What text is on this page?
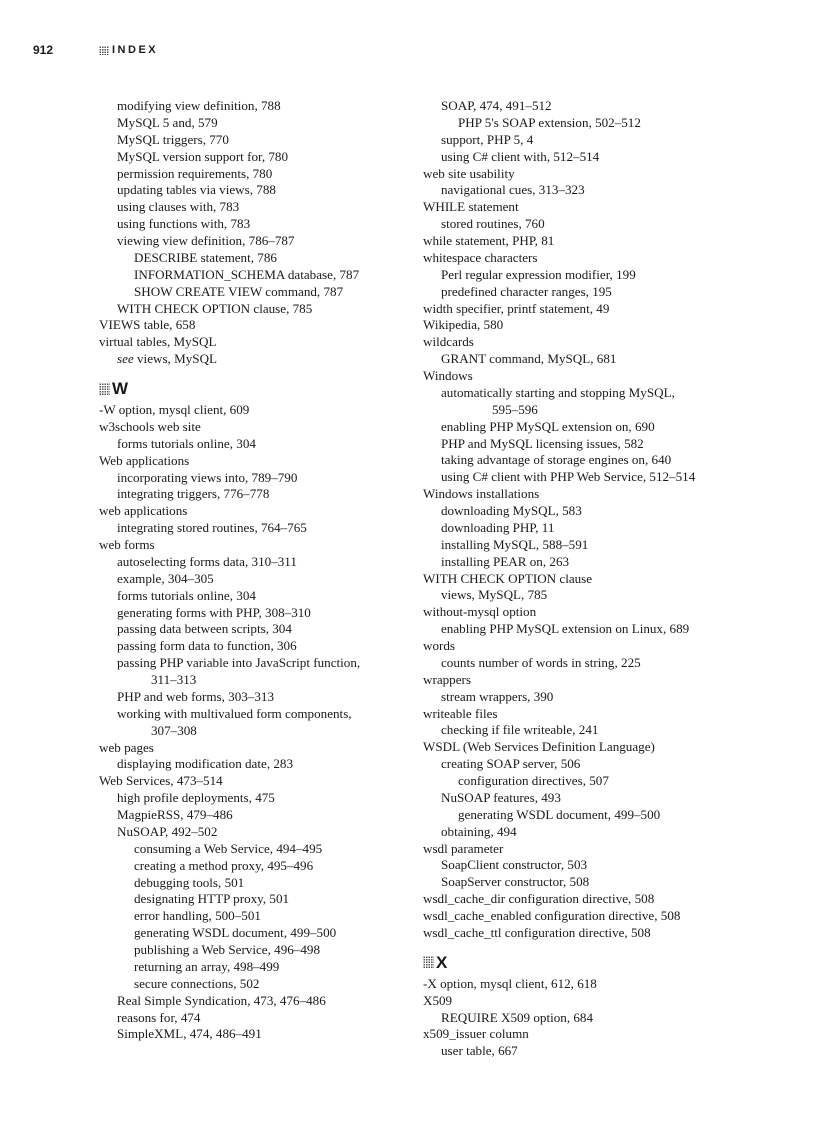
912	INDEX
modifying view definition, 788
MySQL 5 and, 579
MySQL triggers, 770
MySQL version support for, 780
permission requirements, 780
updating tables via views, 788
using clauses with, 783
using functions with, 783
viewing view definition, 786–787
DESCRIBE statement, 786
INFORMATION_SCHEMA database, 787
SHOW CREATE VIEW command, 787
WITH CHECK OPTION clause, 785
VIEWS table, 658
virtual tables, MySQL
see views, MySQL
W
-W option, mysql client, 609
w3schools web site
forms tutorials online, 304
Web applications
incorporating views into, 789–790
integrating triggers, 776–778
web applications
integrating stored routines, 764–765
web forms
autoselecting forms data, 310–311
example, 304–305
forms tutorials online, 304
generating forms with PHP, 308–310
passing data between scripts, 304
passing form data to function, 306
passing PHP variable into JavaScript function,
311–313
PHP and web forms, 303–313
working with multivalued form components,
307–308
web pages
displaying modification date, 283
Web Services, 473–514
high profile deployments, 475
MagpieRSS, 479–486
NuSOAP, 492–502
consuming a Web Service, 494–495
creating a method proxy, 495–496
debugging tools, 501
designating HTTP proxy, 501
error handling, 500–501
generating WSDL document, 499–500
publishing a Web Service, 496–498
returning an array, 498–499
secure connections, 502
Real Simple Syndication, 473, 476–486
reasons for, 474
SimpleXML, 474, 486–491
SOAP, 474, 491–512
PHP 5's SOAP extension, 502–512
support, PHP 5, 4
using C# client with, 512–514
web site usability
navigational cues, 313–323
WHILE statement
stored routines, 760
while statement, PHP, 81
whitespace characters
Perl regular expression modifier, 199
predefined character ranges, 195
width specifier, printf statement, 49
Wikipedia, 580
wildcards
GRANT command, MySQL, 681
Windows
automatically starting and stopping MySQL,
595–596
enabling PHP MySQL extension on, 690
PHP and MySQL licensing issues, 582
taking advantage of storage engines on, 640
using C# client with PHP Web Service, 512–514
Windows installations
downloading MySQL, 583
downloading PHP, 11
installing MySQL, 588–591
installing PEAR on, 263
WITH CHECK OPTION clause
views, MySQL, 785
without-mysql option
enabling PHP MySQL extension on Linux, 689
words
counts number of words in string, 225
wrappers
stream wrappers, 390
writeable files
checking if file writeable, 241
WSDL (Web Services Definition Language)
creating SOAP server, 506
configuration directives, 507
NuSOAP features, 493
generating WSDL document, 499–500
obtaining, 494
wsdl parameter
SoapClient constructor, 503
SoapServer constructor, 508
wsdl_cache_dir configuration directive, 508
wsdl_cache_enabled configuration directive, 508
wsdl_cache_ttl configuration directive, 508
X
-X option, mysql client, 612, 618
X509
REQUIRE X509 option, 684
x509_issuer column
user table, 667
